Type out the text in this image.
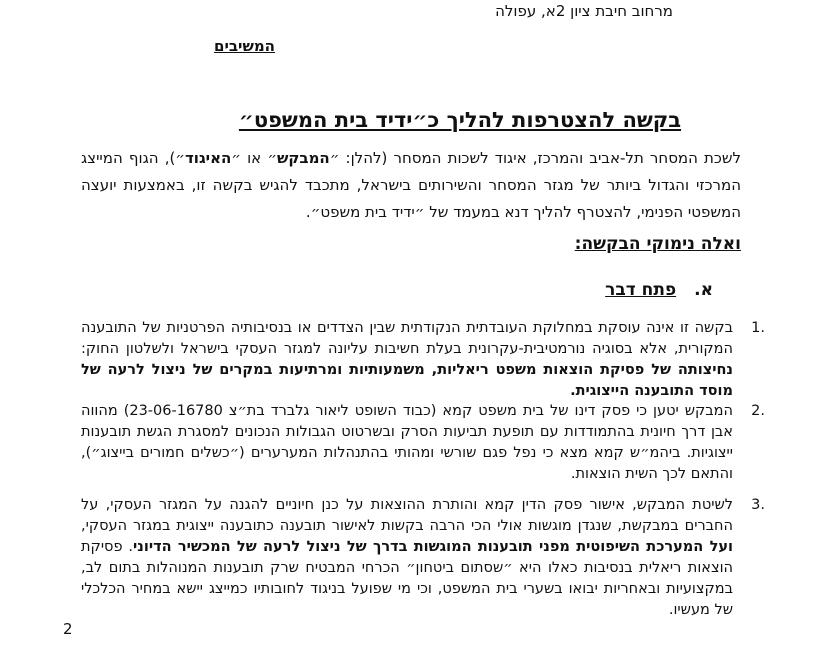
מרחוב חיבת ציון 2א, עפולה
המשיבים
בקשה להצטרפות להליך כ״ידיד בית המשפט״
לשכת המסחר תל-אביב והמרכז, איגוד לשכות המסחר (להלן: ״המבקש״ או ״האיגוד״), הגוף המייצג המרכזי והגדול ביותר של מגזר המסחר והשירותים בישראל, מתכבד להגיש בקשה זו, באמצעות יועצה המשפטי הפנימי, להצטרף להליך דנא במעמד של ״ידיד בית משפט״.
ואלה נימוקי הבקשה:
א.פתח דבר
1.
בקשה זו אינה עוסקת במחלוקת העובדתית הנקודתית שבין הצדדים או בנסיבותיה הפרטניות של התובענה המקורית, אלא בסוגיה נורמטיבית-עקרונית בעלת חשיבות עליונה למגזר העסקי בישראל ולשלטון החוק: נחיצותה של פסיקת הוצאות משפט ריאליות, משמעותיות ומרתיעות במקרים של ניצול לרעה של מוסד התובענה הייצוגית.
2.
המבקש יטען כי פסק דינו של בית משפט קמא (כבוד השופט ליאור גלברד בת״צ 23-06-16780) מהווה אבן דרך חיונית בהתמודדות עם תופעת תביעות הסרק ובשרטוט הגבולות הנכונים למסגרת הגשת תובענות ייצוגיות. ביהמ״ש קמא מצא כי נפל פגם שורשי ומהותי בהתנהלות המערערים (״כשלים חמורים בייצוג״), והתאם לכך השית הוצאות.
3.
לשיטת המבקש, אישור פסק הדין קמא והותרת ההוצאות על כנן חיוניים להגנה על המגזר העסקי, על החברים במבקשת, שנגדן מוגשות אולי הכי הרבה בקשות לאישור תובענה כתובענה ייצוגית במגזר העסקי, ועל המערכת השיפוטית מפני תובענות המוגשות בדרך של ניצול לרעה של המכשיר הדיוני. פסיקת הוצאות ריאלית בנסיבות כאלו היא ״שסתום ביטחון״ הכרחי המבטיח שרק תובענות המנוהלות בתום לב, במקצועיות ובאחריות יבואו בשערי בית המשפט, וכי מי שפועל בניגוד לחובותיו כמייצג יישא במחיר הכלכלי של מעשיו.
2
